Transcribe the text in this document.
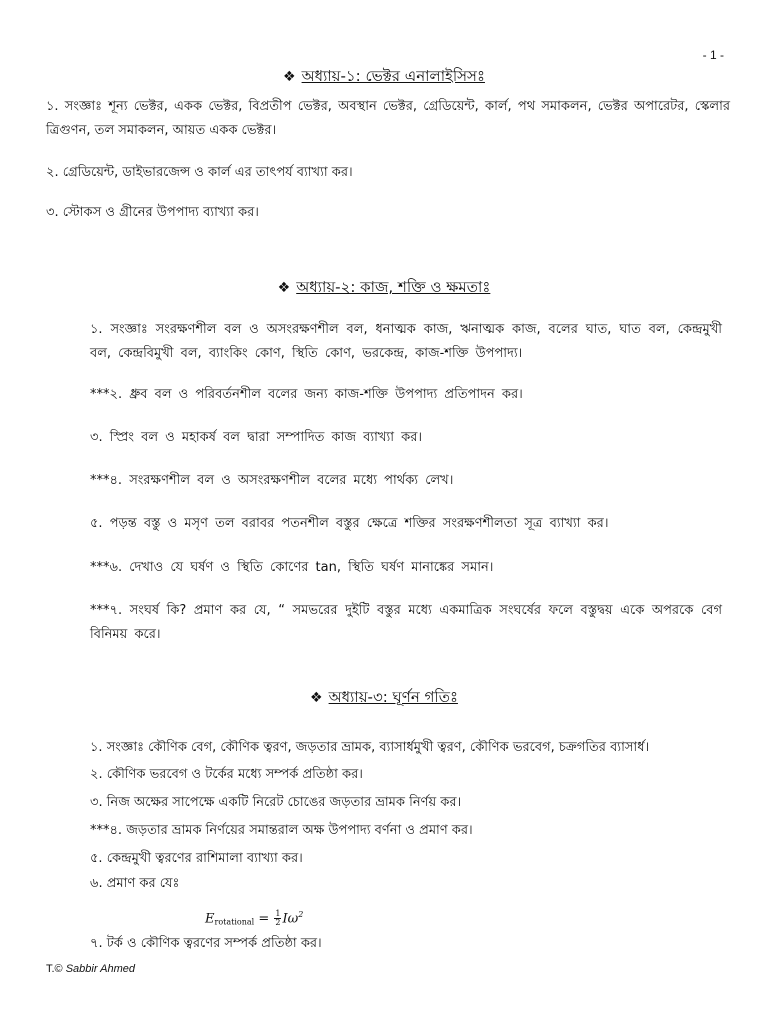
- 1 -
❖ অধ্যায়-১: ভেক্টর এনালাইসিসঃ
১. সংজ্ঞাঃ শূন্য ভেক্টর, একক ভেক্টর, বিপ্রতীপ ভেক্টর, অবস্থান ভেক্টর, গ্রেডিয়েন্ট, কার্ল, পথ সমাকলন, ভেক্টর অপারেটর, স্কেলার ত্রিগুণন, তল সমাকলন, আয়ত একক ভেক্টর।
২. গ্রেডিয়েন্ট, ডাইভারজেন্স ও কার্ল এর তাৎপর্য ব্যাখ্যা কর।
৩. স্টোকস ও গ্রীনের উপপাদ্য ব্যাখ্যা কর।
❖ অধ্যায়-২: কাজ, শক্তি ও ক্ষমতাঃ
১. সংজ্ঞাঃ সংরক্ষণশীল বল ও অসংরক্ষণশীল বল, ধনাত্মক কাজ, ঋনাত্মক কাজ, বলের ঘাত, ঘাত বল, কেন্দ্রমুখী বল, কেন্দ্রবিমুখী বল, ব্যাংকিং কোণ, স্থিতি কোণ, ভরকেন্দ্র, কাজ-শক্তি উপপাদ্য।
***২. ধ্রুব বল ও পরিবর্তনশীল বলের জন্য কাজ-শক্তি উপপাদ্য প্রতিপাদন কর।
৩. স্প্রিং বল ও মহাকর্ষ বল দ্বারা সম্পাদিত কাজ ব্যাখ্যা কর।
***৪. সংরক্ষণশীল বল ও অসংরক্ষণশীল বলের মধ্যে পার্থক্য লেখ।
৫. পড়ন্ত বস্তু ও মসৃণ তল বরাবর পতনশীল বস্তুর ক্ষেত্রে শক্তির সংরক্ষণশীলতা সূত্র ব্যাখ্যা কর।
***৬. দেখাও যে ঘর্ষণ ও স্থিতি কোণের tan, স্থিতি ঘর্ষণ মানাঙ্কের সমান।
***৭. সংঘর্ষ কি? প্রমাণ কর যে, “ সমভরের দুইটি বস্তুর মধ্যে একমাত্রিক সংঘর্ষের ফলে বস্তুদ্বয় একে অপরকে বেগ বিনিময় করে।
❖ অধ্যায়-৩: ঘূর্ণন গতিঃ
১. সংজ্ঞাঃ কৌণিক বেগ, কৌণিক ত্বরণ, জড়তার ভ্রামক, ব্যাসার্ধমুখী ত্বরণ, কৌণিক ভরবেগ, চক্রগতির ব্যাসার্ধ।
২. কৌণিক ভরবেগ ও টর্কের মধ্যে সম্পর্ক প্রতিষ্ঠা কর।
৩. নিজ অক্ষের সাপেক্ষে একটি নিরেট চোঙের জড়তার ভ্রামক নির্ণয় কর।
***৪. জড়তার ভ্রামক নির্ণয়ের সমান্তরাল অক্ষ উপপাদ্য বর্ণনা ও প্রমাণ কর।
৫. কেন্দ্রমুখী ত্বরণের রাশিমালা ব্যাখ্যা কর।
৬. প্রমাণ কর যেঃ
$E_{rotational} = \frac{1}{2} I\omega^2$
৭. টর্ক ও কৌণিক ত্বরণের সম্পর্ক প্রতিষ্ঠা কর।
T.© Sabbir Ahmed
